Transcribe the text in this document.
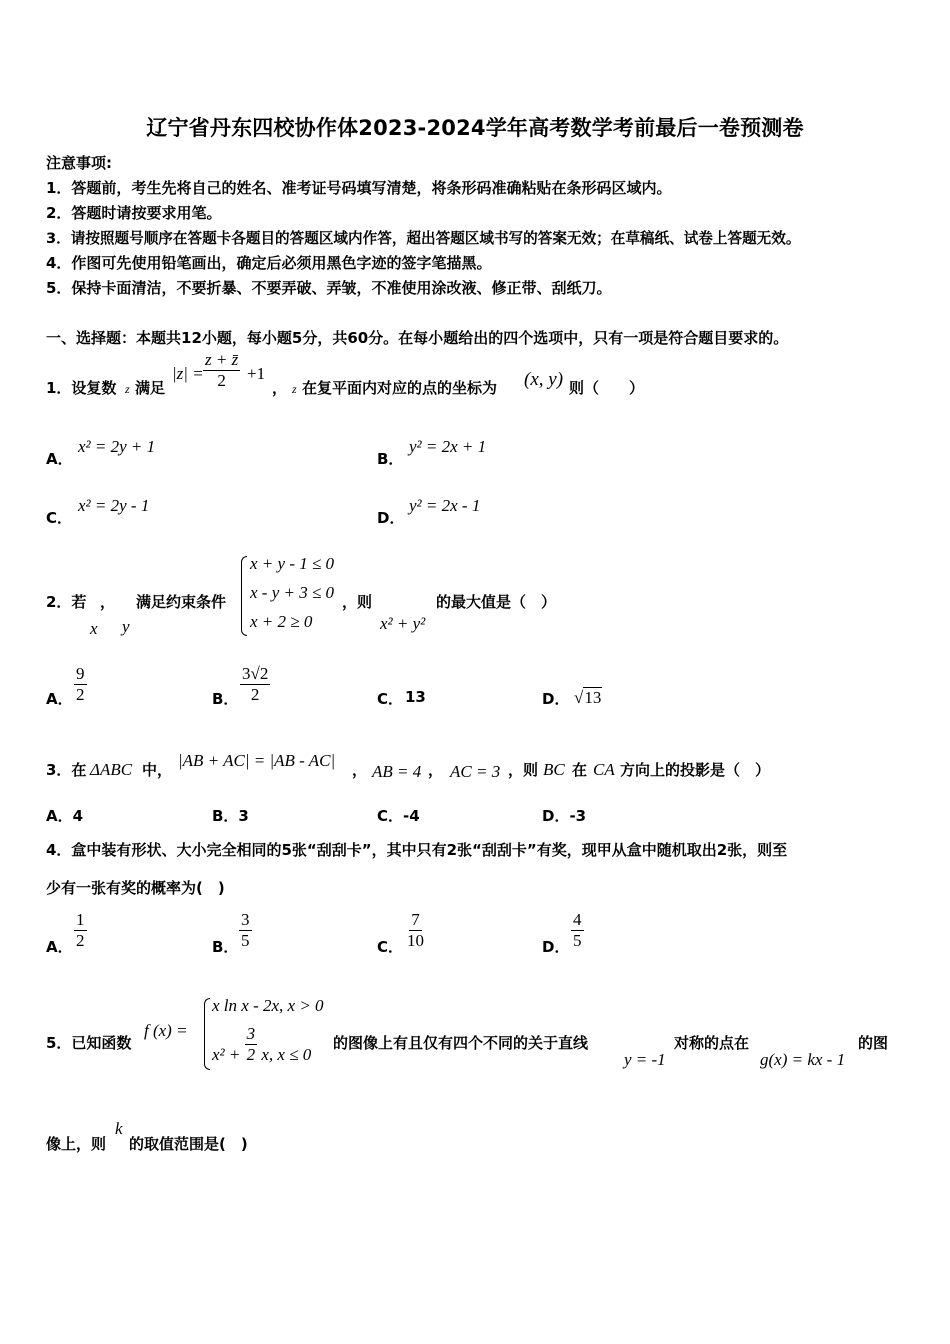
辽宁省丹东四校协作体2023-2024学年高考数学考前最后一卷预测卷
注意事项:
1．答题前，考生先将自己的姓名、准考证号码填写清楚，将条形码准确粘贴在条形码区域内。
2．答题时请按要求用笔。
3．请按照题号顺序在答题卡各题目的答题区域内作答，超出答题区域书写的答案无效；在草稿纸、试卷上答题无效。
4．作图可先使用铅笔画出，确定后必须用黑色字迹的签字笔描黑。
5．保持卡面清洁，不要折暴、不要弄破、弄皱，不准使用涂改液、修正带、刮纸刀。
一、选择题：本题共12小题，每小题5分，共60分。在每小题给出的四个选项中，只有一项是符合题目要求的。
1．设复数 z 满足
$|z| = \frac{z + z̄}{2} +1$
， z 在复平面内对应的点的坐标为 (x, y) 则（　　）
A．
x² = 2y + 1
B．
y² = 2x + 1
C．
x² = 2y - 1
D．
y² = 2x - 1
2．若 ，
x y
满足约束条件
x + y - 1 ≤ 0
x - y + 3 ≤ 0
x + 2 ≥ 0
，则
x² + y²
的最大值是（　）
A． $\frac{9}{2}$	B． $\frac{3√2}{2}$	C． 13	D． √13
3．在 ΔABC 中， |AB + AC| = |AB - AC| ， AB = 4 ， AC = 3 ，则 BC 在 CA 方向上的投影是（　）
A．4	B．3	C．-4	D．-3
4．盒中装有形状、大小完全相同的5张“刮刮卡”，其中只有2张“刮刮卡”有奖，现甲从盒中随机取出2张，则至
少有一张有奖的概率为(　)
A． $\frac{1}{2}$	B． $\frac{3}{5}$	C． $\frac{7}{10}$	D． $\frac{4}{5}$
5．已知函数
f (x) =
x ln x - 2x, x > 0
$x^2 + \frac{3}{2} x$, x ≤ 0
的图像上有且仅有四个不同的关于直线
y = -1
对称的点在
g(x) = kx - 1
的图
像上，则
k
的取值范围是(　)
